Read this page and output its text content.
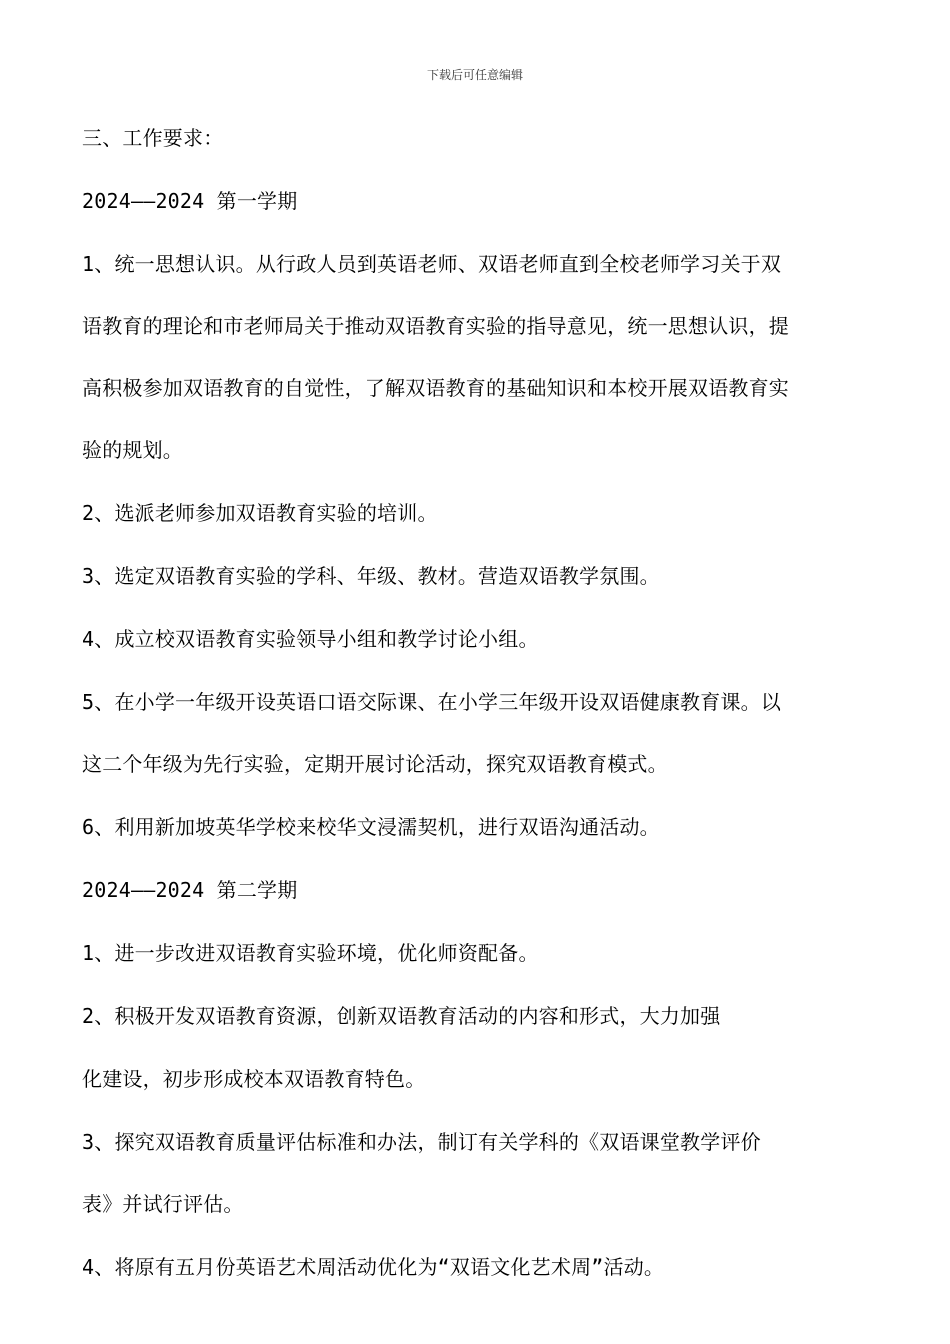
下载后可任意编辑

三、工作要求：

2024——2024 第一学期

1、统一思想认识。从行政人员到英语老师、双语老师直到全校老师学习关于双

语教育的理论和市老师局关于推动双语教育实验的指导意见，统一思想认识，提

高积极参加双语教育的自觉性，了解双语教育的基础知识和本校开展双语教育实

验的规划。

2、选派老师参加双语教育实验的培训。

3、选定双语教育实验的学科、年级、教材。营造双语教学氛围。

4、成立校双语教育实验领导小组和教学讨论小组。

5、在小学一年级开设英语口语交际课、在小学三年级开设双语健康教育课。以

这二个年级为先行实验，定期开展讨论活动，探究双语教育模式。

6、利用新加坡英华学校来校华文浸濡契机，进行双语沟通活动。

2024——2024 第二学期

1、进一步改进双语教育实验环境，优化师资配备。

2、积极开发双语教育资源，创新双语教育活动的内容和形式，大力加强

化建设，初步形成校本双语教育特色。

3、探究双语教育质量评估标准和办法，制订有关学科的《双语课堂教学评价

表》并试行评估。

4、将原有五月份英语艺术周活动优化为“双语文化艺术周”活动。
